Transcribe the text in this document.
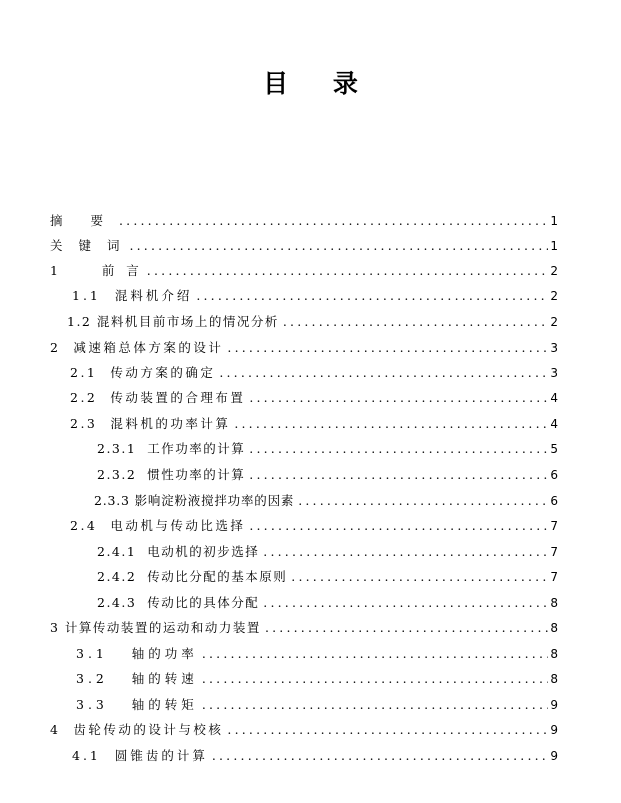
目 录
摘 要 .....	1
关 键 词 .....	1
1     前 言 .....	2
1.1  混料机介绍 .....	2
1.2 混料机目前市场上的情况分析 .....	2
2  减速箱总体方案的设计 .....	3
2.1  传动方案的确定 .....	3
2.2  传动装置的合理布置 .....	4
2.3  混料机的功率计算 .....	4
2.3.1  工作功率的计算 .....	5
2.3.2  惯性功率的计算 .....	6
2.3.3 影响淀粉液搅拌功率的因素 .....	6
2.4  电动机与传动比选择 .....	7
2.4.1  电动机的初步选择 .....	7
2.4.2  传动比分配的基本原则 .....	7
2.4.3  传动比的具体分配 .....	8
3 计算传动装置的运动和动力装置 .....	8
3.1   轴的功率 .....	8
3.2   轴的转速 .....	8
3.3   轴的转矩 .....	9
4  齿轮传动的设计与校核 .....	9
4.1  圆锥齿的计算 .....	9
